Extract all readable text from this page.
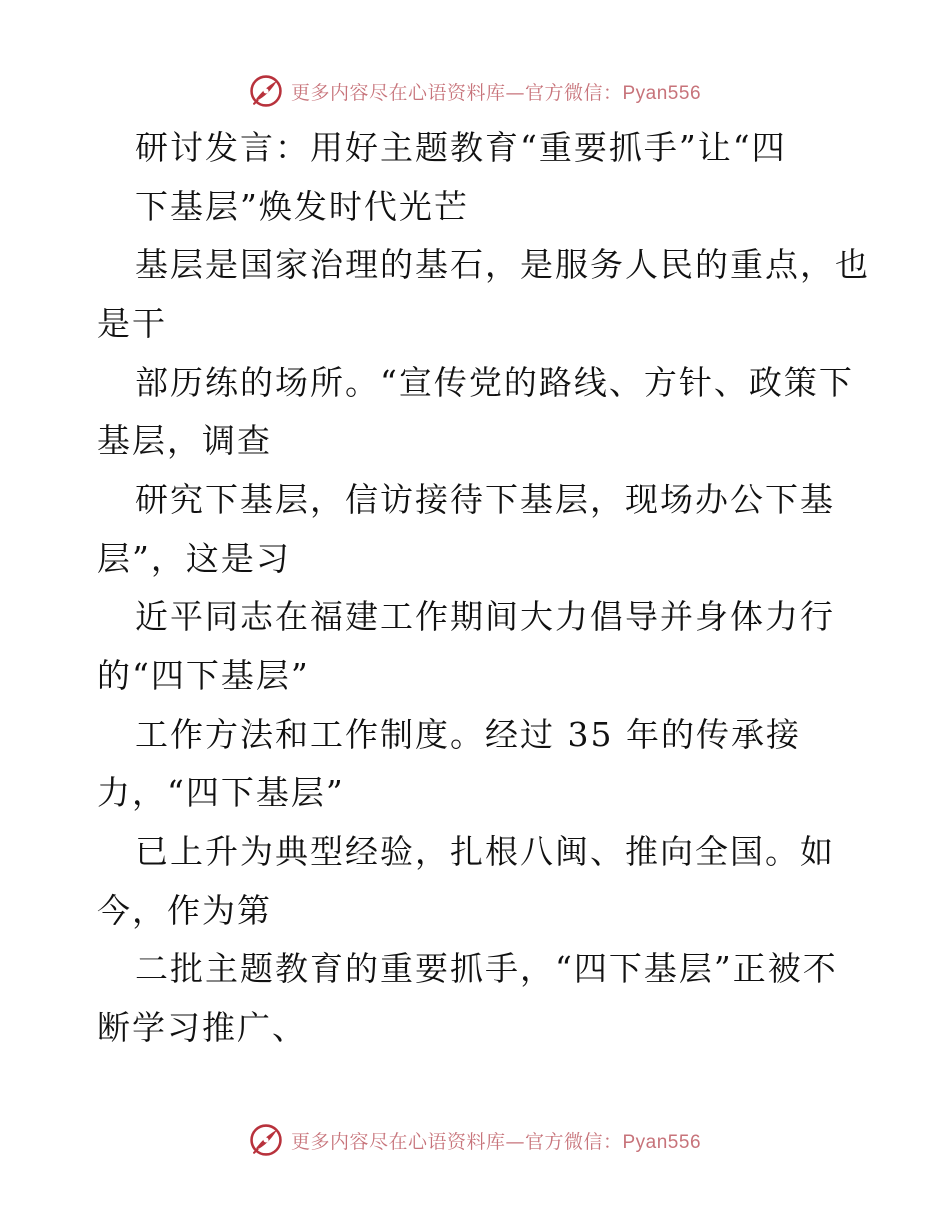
更多内容尽在心语资料库—官方微信：Pyan556
研讨发言：用好主题教育“重要抓手”让“四
下基层”焕发时代光芒
基层是国家治理的基石，是服务人民的重点，也
是干
部历练的场所。“宣传党的路线、方针、政策下
基层，调查
研究下基层，信访接待下基层，现场办公下基
层”，这是习
近平同志在福建工作期间大力倡导并身体力行
的“四下基层”
工作方法和工作制度。经过 35 年的传承接
力，“四下基层”
已上升为典型经验，扎根八闽、推向全国。如
今，作为第
二批主题教育的重要抓手，“四下基层”正被不
断学习推广、
更多内容尽在心语资料库—官方微信：Pyan556
